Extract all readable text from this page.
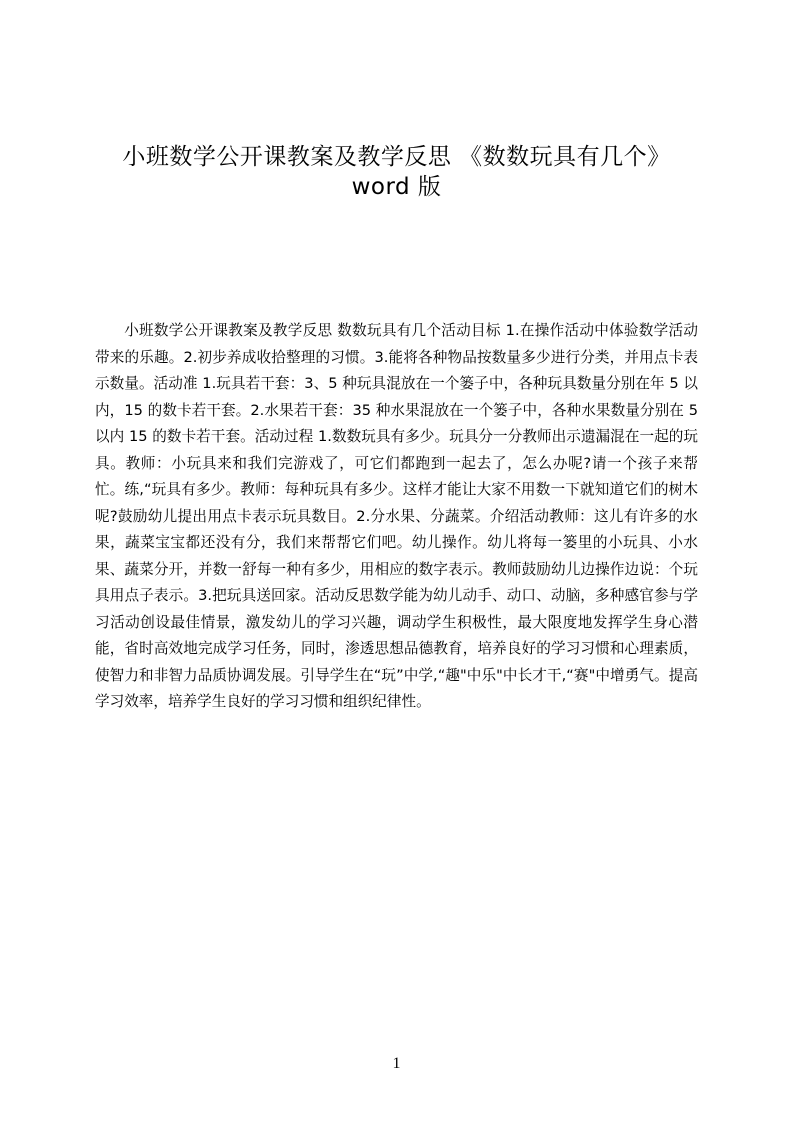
小班数学公开课教案及教学反思 《数数玩具有几个》
word 版

小班数学公开课教案及教学反思 数数玩具有几个活动目标 1.在操作活动中体验数学活动带来的乐趣。2.初步养成收拾整理的习惯。3.能将各种物品按数量多少进行分类，并用点卡表示数量。活动准 1.玩具若干套：3、5 种玩具混放在一个篓子中，各种玩具数量分别在年 5 以内，15 的数卡若干套。2.水果若干套：35 种水果混放在一个篓子中，各种水果数量分别在 5 以内 15 的数卡若干套。活动过程 1.数数玩具有多少。玩具分一分教师出示遗漏混在一起的玩具。教师：小玩具来和我们完游戏了，可它们都跑到一起去了，怎么办呢?请一个孩子来帮忙。练,“玩具有多少。教师：每种玩具有多少。这样才能让大家不用数一下就知道它们的树木呢?鼓励幼儿提出用点卡表示玩具数目。2.分水果、分蔬菜。介绍活动教师：这儿有许多的水果，蔬菜宝宝都还没有分，我们来帮帮它们吧。幼儿操作。幼儿将每一篓里的小玩具、小水果、蔬菜分开，并数一舒每一种有多少，用相应的数字表示。教师鼓励幼儿边操作边说：个玩具用点子表示。3.把玩具送回家。活动反思数学能为幼儿动手、动口、动脑，多种感官参与学习活动创设最佳情景，激发幼儿的学习兴趣，调动学生积极性，最大限度地发挥学生身心潜能，省时高效地完成学习任务，同时，渗透思想品德教育，培养良好的学习习惯和心理素质，使智力和非智力品质协调发展。引导学生在“玩”中学,“趣"中乐"中长才干,“赛"中增勇气。提高学习效率，培养学生良好的学习习惯和组织纪律性。

1
